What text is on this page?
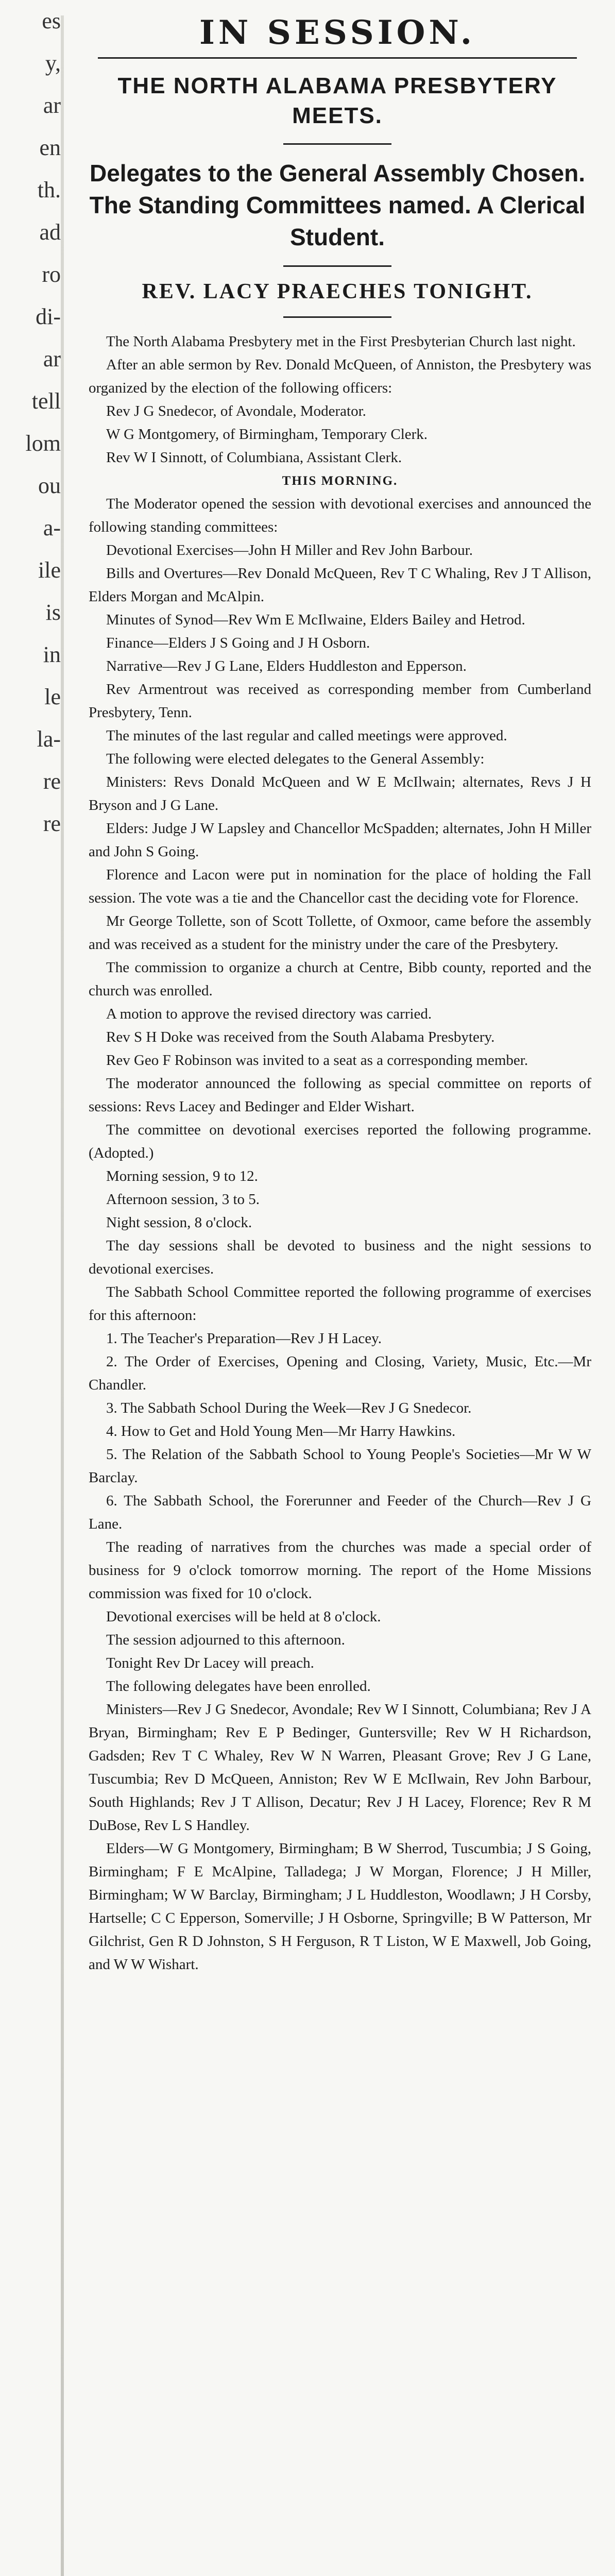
es
y,
ar
en
th.
ad
ro
di-
ar
tell
lom
ou
a-
ile
is
in
le
la-
re
re
IN SESSION.
THE NORTH ALABAMA PRESBYTERY MEETS.
Delegates to the General Assembly Chosen. The Standing Committees named. A Clerical Student.
REV. LACY PRAECHES TONIGHT.

The North Alabama Presbytery met in the First Presbyterian Church last night.

After an able sermon by Rev. Donald McQueen, of Anniston, the Presbytery was organized by the election of the following officers:

Rev J G Snedecor, of Avondale, Moderator.

W G Montgomery, of Birmingham, Temporary Clerk.

Rev W I Sinnott, of Columbiana, Assistant Clerk.

THIS MORNING.

The Moderator opened the session with devotional exercises and announced the following standing committees:

Devotional Exercises—John H Miller and Rev John Barbour.

Bills and Overtures—Rev Donald McQueen, Rev T C Whaling, Rev J T Allison, Elders Morgan and McAlpin.

Minutes of Synod—Rev Wm E McIlwaine, Elders Bailey and Hetrod.

Finance—Elders J S Going and J H Osborn.

Narrative—Rev J G Lane, Elders Huddleston and Epperson.

Rev Armentrout was received as corresponding member from Cumberland Presbytery, Tenn.

The minutes of the last regular and called meetings were approved.

The following were elected delegates to the General Assembly:

Ministers: Revs Donald McQueen and W E McIlwain; alternates, Revs J H Bryson and J G Lane.

Elders: Judge J W Lapsley and Chancellor McSpadden; alternates, John H Miller and John S Going.

Florence and Lacon were put in nomination for the place of holding the Fall session. The vote was a tie and the Chancellor cast the deciding vote for Florence.

Mr George Tollette, son of Scott Tollette, of Oxmoor, came before the assembly and was received as a student for the ministry under the care of the Presbytery.

The commission to organize a church at Centre, Bibb county, reported and the church was enrolled.

A motion to approve the revised directory was carried.

Rev S H Doke was received from the South Alabama Presbytery.

Rev Geo F Robinson was invited to a seat as a corresponding member.

The moderator announced the following as special committee on reports of sessions: Revs Lacey and Bedinger and Elder Wishart.

The committee on devotional exercises reported the following programme. (Adopted.)

Morning session, 9 to 12.

Afternoon session, 3 to 5.

Night session, 8 o'clock.

The day sessions shall be devoted to business and the night sessions to devotional exercises.

The Sabbath School Committee reported the following programme of exercises for this afternoon:

1. The Teacher's Preparation—Rev J H Lacey.

2. The Order of Exercises, Opening and Closing, Variety, Music, Etc.—Mr Chandler.

3. The Sabbath School During the Week—Rev J G Snedecor.

4. How to Get and Hold Young Men—Mr Harry Hawkins.

5. The Relation of the Sabbath School to Young People's Societies—Mr W W Barclay.

6. The Sabbath School, the Forerunner and Feeder of the Church—Rev J G Lane.

The reading of narratives from the churches was made a special order of business for 9 o'clock tomorrow morning. The report of the Home Missions commission was fixed for 10 o'clock.

Devotional exercises will be held at 8 o'clock.

The session adjourned to this afternoon.

Tonight Rev Dr Lacey will preach.

The following delegates have been enrolled.

Ministers—Rev J G Snedecor, Avondale; Rev W I Sinnott, Columbiana; Rev J A Bryan, Birmingham; Rev E P Bedinger, Guntersville; Rev W H Richardson, Gadsden; Rev T C Whaley, Rev W N Warren, Pleasant Grove; Rev J G Lane, Tuscumbia; Rev D McQueen, Anniston; Rev W E McIlwain, Rev John Barbour, South Highlands; Rev J T Allison, Decatur; Rev J H Lacey, Florence; Rev R M DuBose, Rev L S Handley.

Elders—W G Montgomery, Birmingham; B W Sherrod, Tuscumbia; J S Going, Birmingham; F E McAlpine, Talladega; J W Morgan, Florence; J H Miller, Birmingham; W W Barclay, Birmingham; J L Huddleston, Woodlawn; J H Corsby, Hartselle; C C Epperson, Somerville; J H Osborne, Springville; B W Patterson, Mr Gilchrist, Gen R D Johnston, S H Ferguson, R T Liston, W E Maxwell, Job Going, and W W Wishart.
